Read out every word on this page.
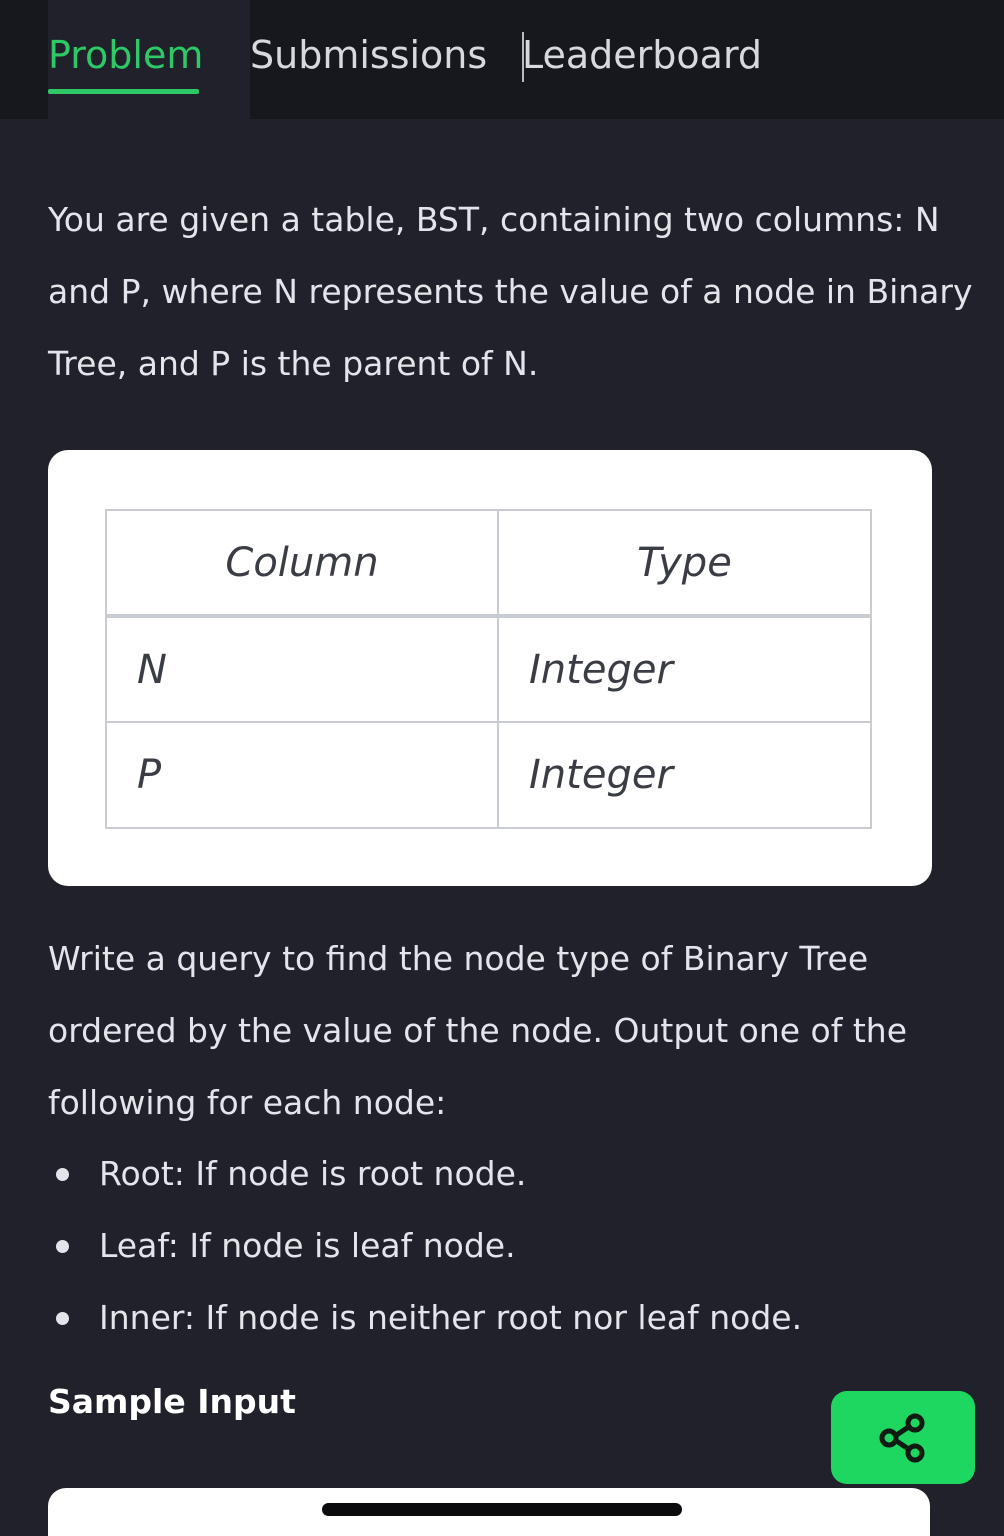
Problem Submissions Leaderboard

You are given a table, BST, containing two columns: N and P, where N represents the value of a node in Binary Tree, and P is the parent of N.

Column	Type
N	Integer
P	Integer

Write a query to find the node type of Binary Tree ordered by the value of the node. Output one of the following for each node:

Root: If node is root node.
Leaf: If node is leaf node.
Inner: If node is neither root nor leaf node.
Sample Input
